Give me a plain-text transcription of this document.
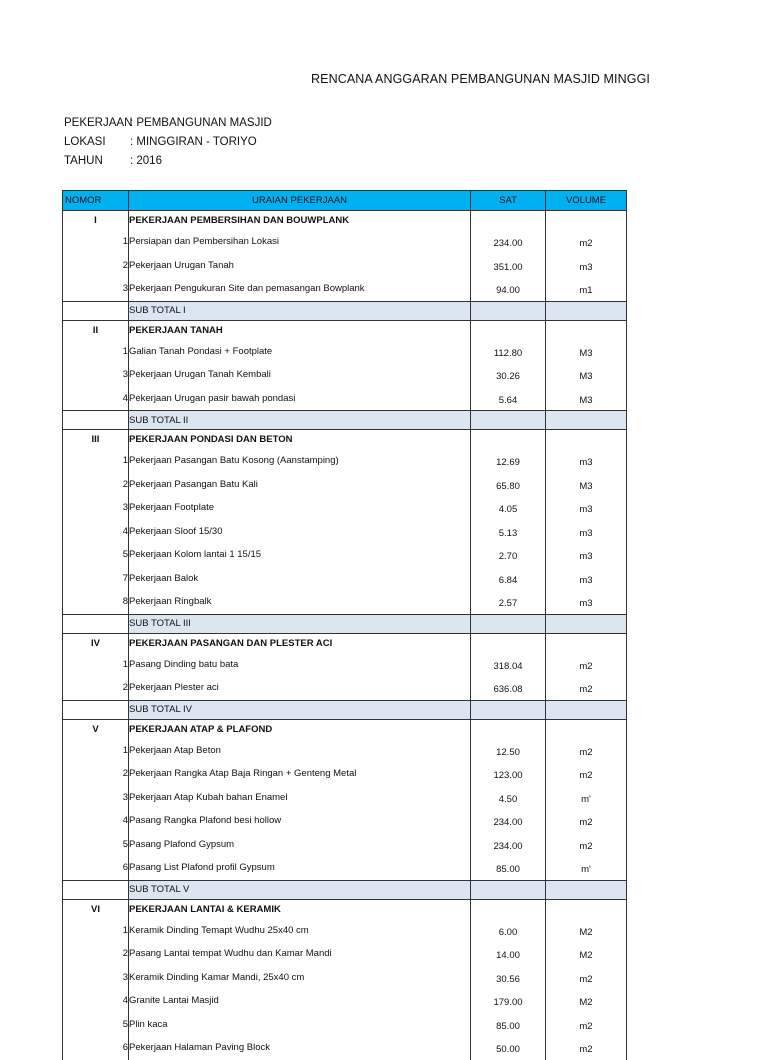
RENCANA ANGGARAN PEMBANGUNAN MASJID MINGGI
PEKERJAAN: PEMBANGUNAN MASJID
LOKASI : MINGGIRAN - TORIYO
TAHUN : 2016
NOMOR	URAIAN PEKERJAAN	SAT	VOLUME
I	PEKERJAAN PEMBERSIHAN DAN BOUWPLANK		
1	Persiapan dan Pembersihan Lokasi	234.00	m2
2	Pekerjaan Urugan Tanah	351.00	m3
3	Pekerjaan Pengukuran Site dan pemasangan Bowplank	94.00	m1
	SUB TOTAL I		
II	PEKERJAAN TANAH		
1	Galian Tanah Pondasi + Footplate	112.80	M3
3	Pekerjaan Urugan Tanah Kembali	30.26	M3
4	Pekerjaan Urugan pasir bawah pondasi	5.64	M3
	SUB TOTAL II		
III	PEKERJAAN PONDASI DAN BETON		
1	Pekerjaan Pasangan Batu Kosong (Aanstamping)	12.69	m3
2	Pekerjaan Pasangan Batu Kali	65.80	M3
3	Pekerjaan Footplate	4.05	m3
4	Pekerjaan Sloof 15/30	5.13	m3
5	Pekerjaan Kolom lantai 1 15/15	2.70	m3
7	Pekerjaan Balok	6.84	m3
8	Pekerjaan Ringbalk	2.57	m3
	SUB TOTAL III		
IV	PEKERJAAN PASANGAN DAN PLESTER ACI		
1	Pasang Dinding batu bata	318.04	m2
2	Pekerjaan Plester aci	636.08	m2
	SUB TOTAL IV		
V	PEKERJAAN ATAP & PLAFOND		
1	Pekerjaan Atap Beton	12.50	m2
2	Pekerjaan Rangka Atap Baja Ringan + Genteng Metal	123.00	m2
3	Pekerjaan Atap Kubah bahan Enamel	4.50	m'
4	Pasang Rangka Plafond besi hollow	234.00	m2
5	Pasang Plafond Gypsum	234.00	m2
6	Pasang List Plafond profil Gypsum	85.00	m'
	SUB TOTAL V		
VI	PEKERJAAN LANTAI & KERAMIK		
1	Keramik Dinding Temapt Wudhu 25x40 cm	6.00	M2
2	Pasang Lantai tempat Wudhu dan Kamar Mandi	14.00	M2
3	Keramik Dinding Kamar Mandi, 25x40 cm	30.56	m2
4	Granite Lantai Masjid	179.00	M2
5	Plin kaca	85.00	m2
6	Pekerjaan Halaman Paving Block	50.00	m2
